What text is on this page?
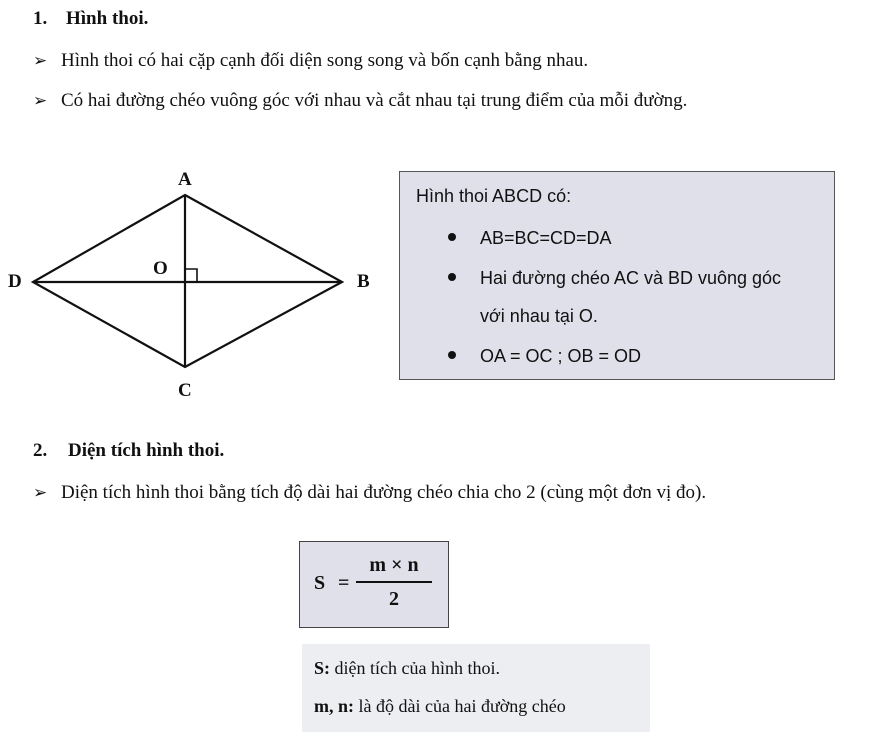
1. Hình thoi.
➢ Hình thoi có hai cặp cạnh đối diện song song và bốn cạnh bằng nhau.
➢ Có hai đường chéo vuông góc với nhau và cắt nhau tại trung điểm của mỗi đường.
A
B
C
D
O
Hình thoi ABCD có:
AB=BC=CD=DA
Hai đường chéo AC và BD vuông góc
với nhau tại O.
OA = OC ; OB = OD
2. Diện tích hình thoi.
➢ Diện tích hình thoi bằng tích độ dài hai đường chéo chia cho 2 (cùng một đơn vị đo).
S =
m × n
2
S: diện tích của hình thoi.
m, n: là độ dài của hai đường chéo
